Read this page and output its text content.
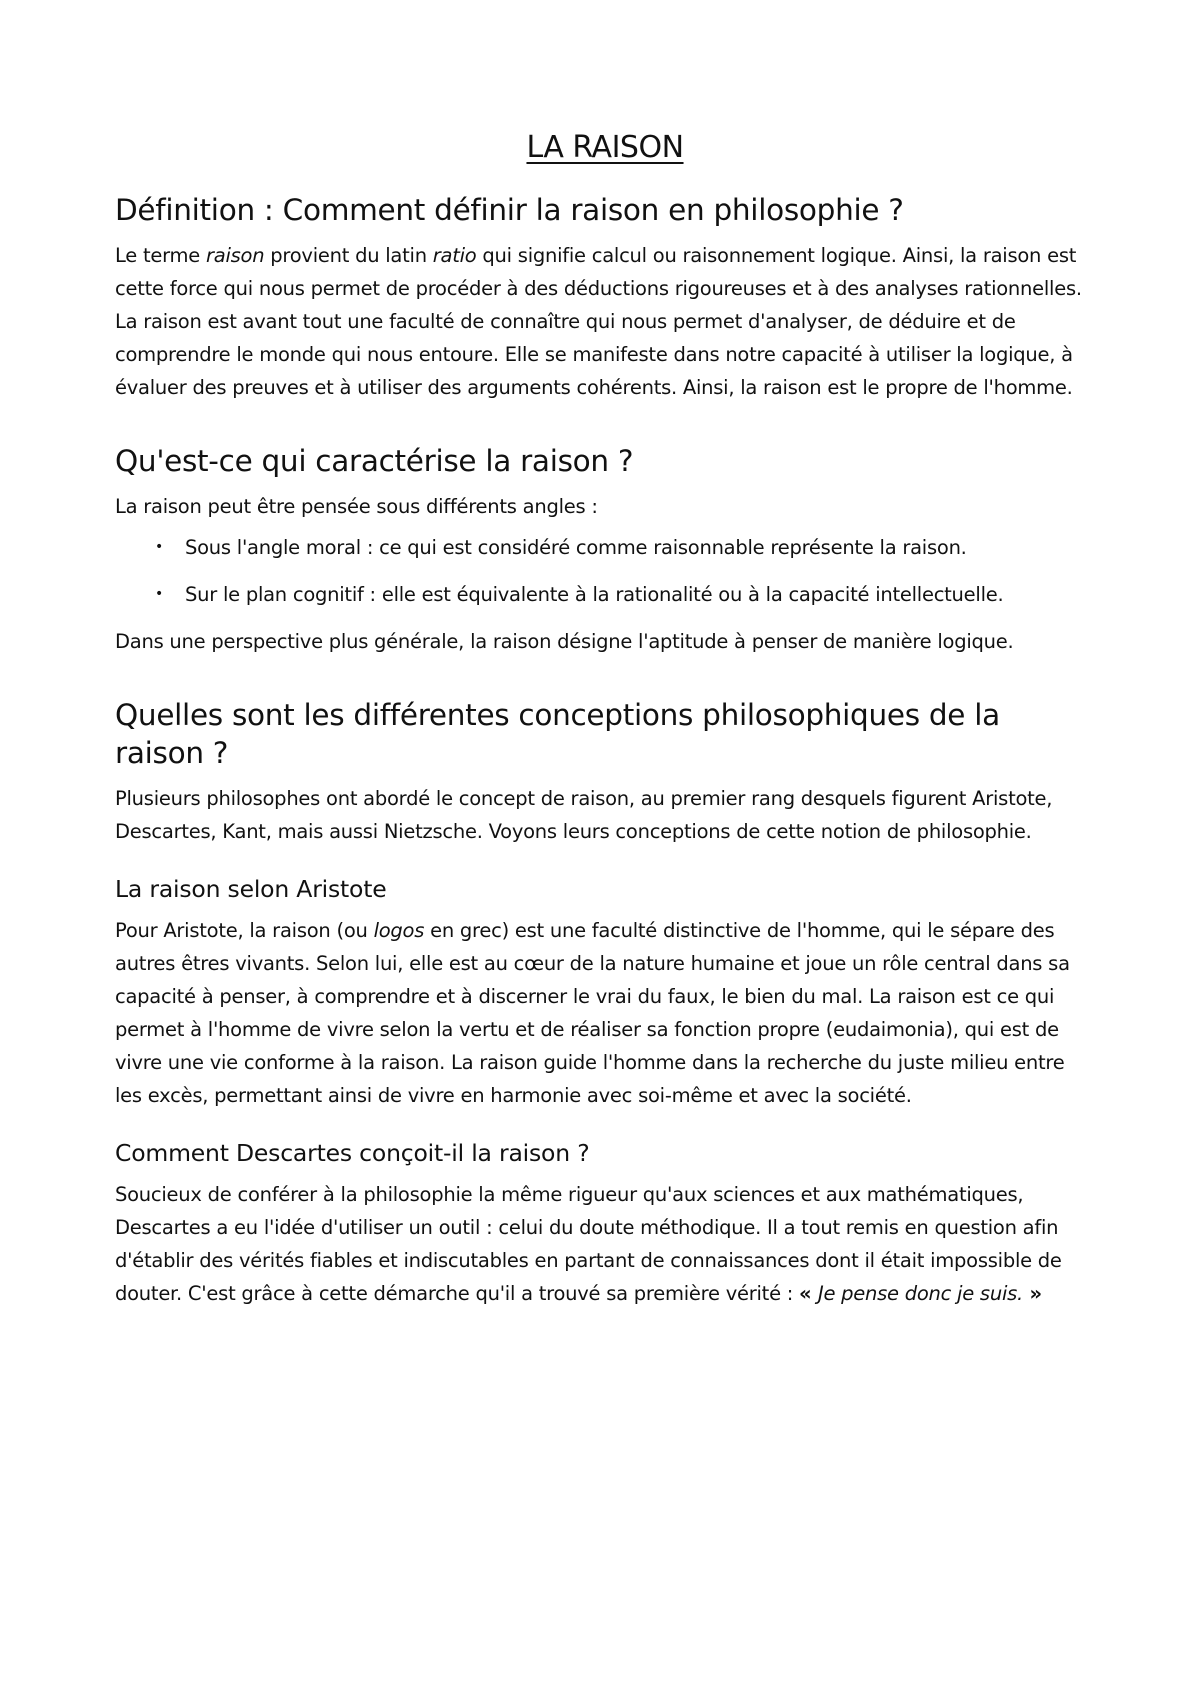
LA RAISON
Définition : Comment définir la raison en philosophie ?

Le terme raison provient du latin ratio qui signifie calcul ou raisonnement logique. Ainsi, la raison est cette force qui nous permet de procéder à des déductions rigoureuses et à des analyses rationnelles. La raison est avant tout une faculté de connaître qui nous permet d'analyser, de déduire et de comprendre le monde qui nous entoure. Elle se manifeste dans notre capacité à utiliser la logique, à évaluer des preuves et à utiliser des arguments cohérents. Ainsi, la raison est le propre de l'homme.

Qu'est-ce qui caractérise la raison ?

La raison peut être pensée sous différents angles :

• Sous l'angle moral : ce qui est considéré comme raisonnable représente la raison.
• Sur le plan cognitif : elle est équivalente à la rationalité ou à la capacité intellectuelle.

Dans une perspective plus générale, la raison désigne l'aptitude à penser de manière logique.

Quelles sont les différentes conceptions philosophiques de la raison ?

Plusieurs philosophes ont abordé le concept de raison, au premier rang desquels figurent Aristote, Descartes, Kant, mais aussi Nietzsche. Voyons leurs conceptions de cette notion de philosophie.

La raison selon Aristote

Pour Aristote, la raison (ou logos en grec) est une faculté distinctive de l'homme, qui le sépare des autres êtres vivants. Selon lui, elle est au cœur de la nature humaine et joue un rôle central dans sa capacité à penser, à comprendre et à discerner le vrai du faux, le bien du mal. La raison est ce qui permet à l'homme de vivre selon la vertu et de réaliser sa fonction propre (eudaimonia), qui est de vivre une vie conforme à la raison. La raison guide l'homme dans la recherche du juste milieu entre les excès, permettant ainsi de vivre en harmonie avec soi-même et avec la société.

Comment Descartes conçoit-il la raison ?

Soucieux de conférer à la philosophie la même rigueur qu'aux sciences et aux mathématiques, Descartes a eu l'idée d'utiliser un outil : celui du doute méthodique. Il a tout remis en question afin d'établir des vérités fiables et indiscutables en partant de connaissances dont il était impossible de douter. C'est grâce à cette démarche qu'il a trouvé sa première vérité : « Je pense donc je suis. »
